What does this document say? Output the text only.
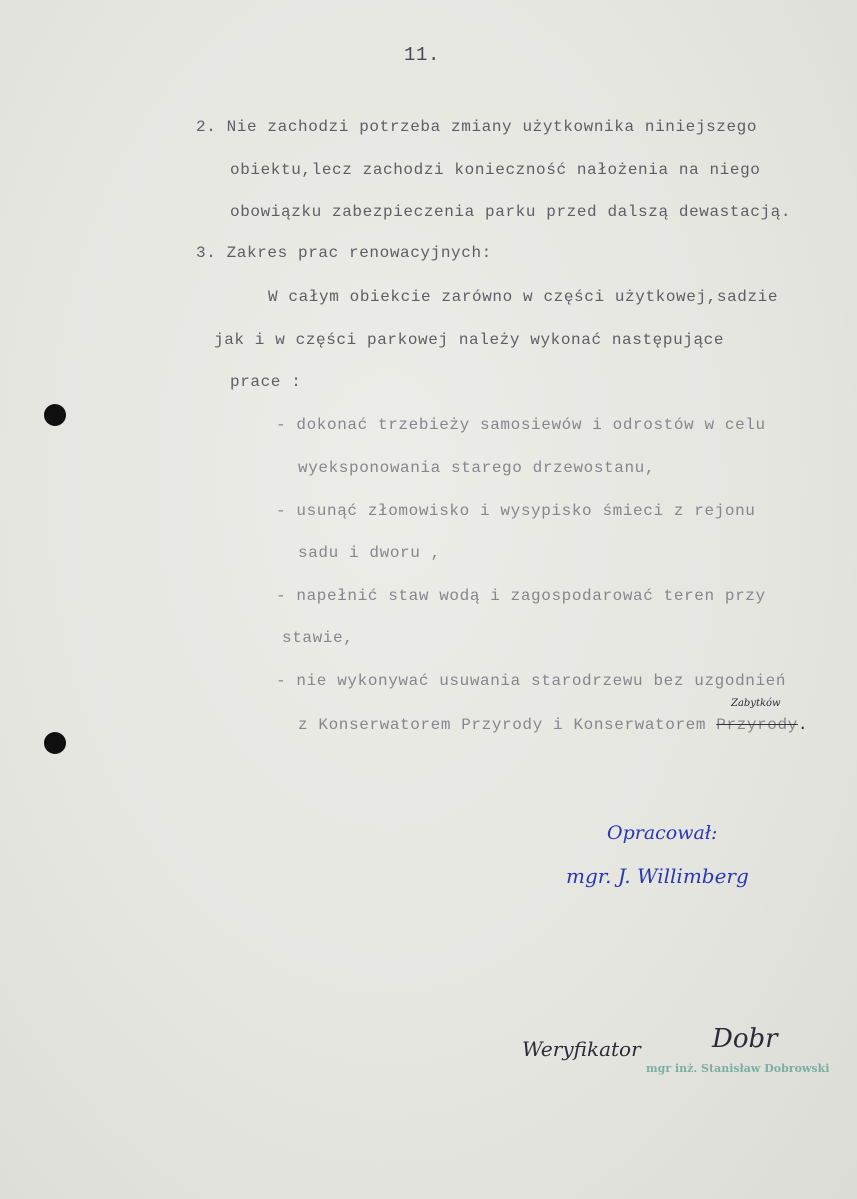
11.
2. Nie zachodzi potrzeba zmiany użytkownika niniejszego
obiektu,lecz zachodzi konieczność nałożenia na niego
obowiązku zabezpieczenia parku przed dalszą dewastacją.
3. Zakres prac renowacyjnych:
W całym obiekcie zarówno w części użytkowej,sadzie
jak i w części parkowej należy wykonać następujące
prace :
- dokonać trzebieży samosiewów i odrostów w celu
wyeksponowania starego drzewostanu,
- usunąć złomowisko i wysypisko śmieci z rejonu
sadu i dworu ,
- napełnić staw wodą i zagospodarować teren przy
stawie,
- nie wykonywać usuwania starodrzewu bez uzgodnień
z Konserwatorem Przyrody i Konserwatorem Przyrody.
Zabytków
Opracował:
mgr. J. Willimberg
Weryfikator	Dobr
mgr inż. Stanisław Dobrowski
